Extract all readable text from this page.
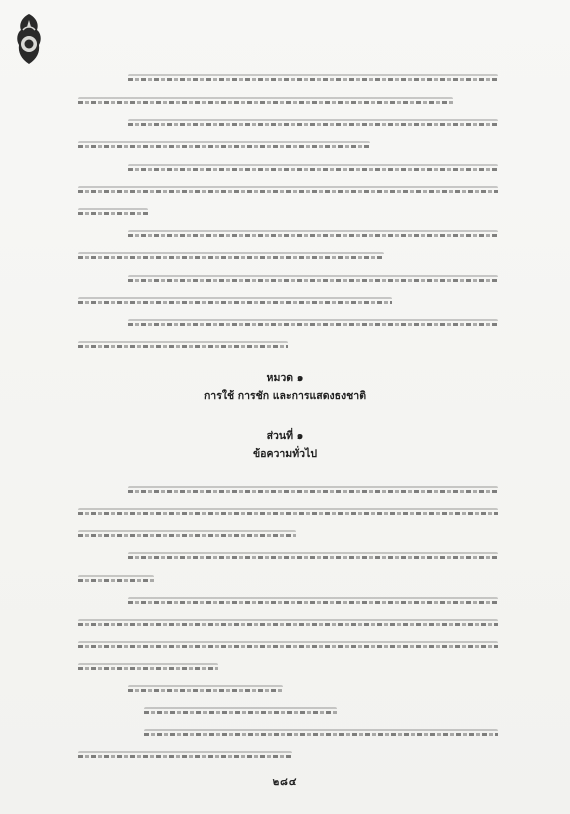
หมวด ๑
การใช้ การชัก และการแสดงธงชาติ
ส่วนที่ ๑
ข้อความทั่วไป
๒๘๔
